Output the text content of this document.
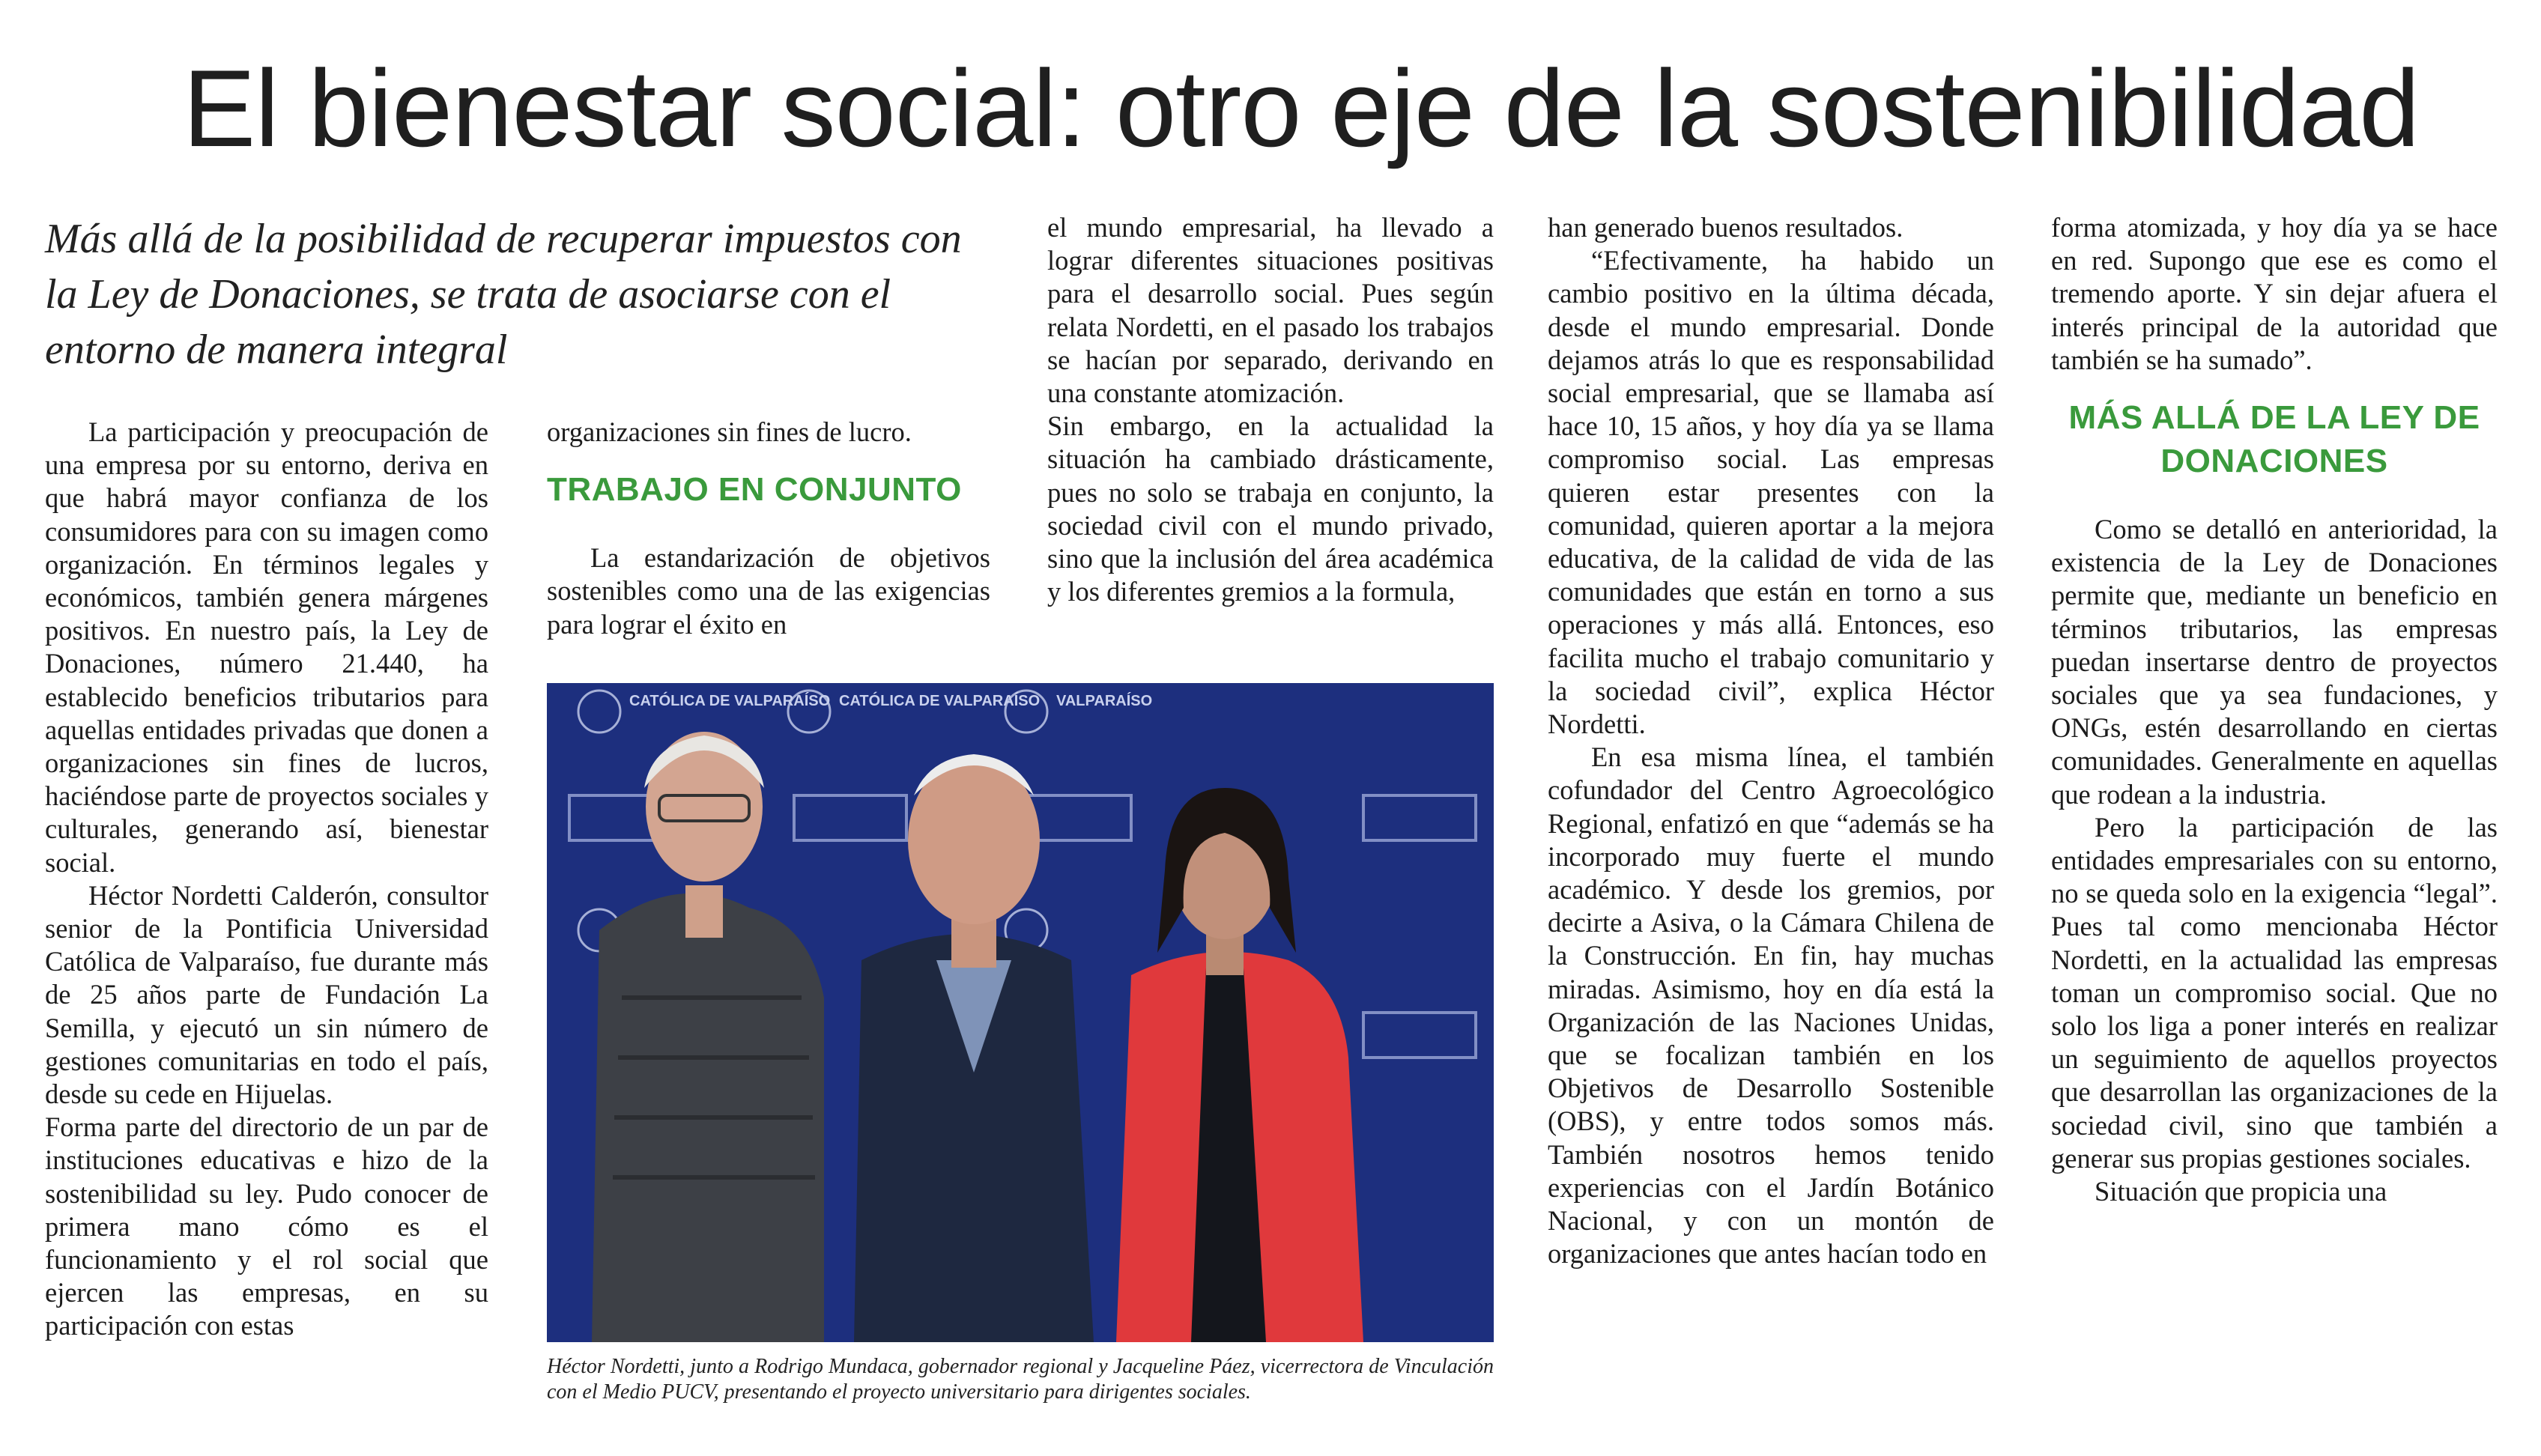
El bienestar social: otro eje de la sostenibilidad
Más allá de la posibilidad de recuperar impuestos con la Ley de Donaciones, se trata de asociarse con el entorno de manera integral

La participación y preocupación de una empresa por su entorno, deriva en que habrá mayor confianza de los consumidores para con su imagen como organización. En términos legales y económicos, también genera márgenes positivos. En nuestro país, la Ley de Donaciones, número 21.440, ha establecido beneficios tributarios para aquellas entidades privadas que donen a organizaciones sin fines de lucros, haciéndose parte de proyectos sociales y culturales, generando así, bienestar social.

Héctor Nordetti Calderón, consultor senior de la Pontificia Universidad Católica de Valparaíso, fue durante más de 25 años parte de Fundación La Semilla, y ejecutó un sin número de gestiones comunitarias en todo el país, desde su cede en Hijuelas.

Forma parte del directorio de un par de instituciones educativas e hizo de la sostenibilidad su ley. Pudo conocer de primera mano cómo es el funcionamiento y el rol social que ejercen las empresas, en su participación con estas

organizaciones sin fines de lucro.

TRABAJO EN CONJUNTO

La estandarización de objetivos sostenibles como una de las exigencias para lograr el éxito en

CATÓLICA DE VALPARAÍSO CATÓLICA DE VALPARAÍSO VALPARAÍSO
Héctor Nordetti, junto a Rodrigo Mundaca, gobernador regional y Jacqueline Páez, vicerrectora de Vinculación con el Medio PUCV, presentando el proyecto universitario para dirigentes sociales.

el mundo empresarial, ha llevado a lograr diferentes situaciones positivas para el desarrollo social. Pues según relata Nordetti, en el pasado los trabajos se hacían por separado, derivando en una constante atomización.

Sin embargo, en la actualidad la situación ha cambiado drásticamente, pues no solo se trabaja en conjunto, la sociedad civil con el mundo privado, sino que la inclusión del área académica y los diferentes gremios a la formula,

han generado buenos resultados.

“Efectivamente, ha habido un cambio positivo en la última década, desde el mundo empresarial. Donde dejamos atrás lo que es responsabilidad social empresarial, que se llamaba así hace 10, 15 años, y hoy día ya se llama compromiso social. Las empresas quieren estar presentes con la comunidad, quieren aportar a la mejora educativa, de la calidad de vida de las comunidades que están en torno a sus operaciones y más allá. Entonces, eso facilita mucho el trabajo comunitario y la sociedad civil”, explica Héctor Nordetti.

En esa misma línea, el también cofundador del Centro Agroecológico Regional, enfatizó en que “además se ha incorporado muy fuerte el mundo académico. Y desde los gremios, por decirte a Asiva, o la Cámara Chilena de la Construcción. En fin, hay muchas miradas. Asimismo, hoy en día está la Organización de las Naciones Unidas, que se focalizan también en los Objetivos de Desarrollo Sostenible (OBS), y entre todos somos más. También nosotros hemos tenido experiencias con el Jardín Botánico Nacional, y con un montón de organizaciones que antes hacían todo en

forma atomizada, y hoy día ya se hace en red. Supongo que ese es como el tremendo aporte. Y sin dejar afuera el interés principal de la autoridad que también se ha sumado”.

MÁS ALLÁ DE LA LEY DE DONACIONES

Como se detalló en anterioridad, la existencia de la Ley de Donaciones permite que, mediante un beneficio en términos tributarios, las empresas puedan insertarse dentro de proyectos sociales que ya sea fundaciones, y ONGs, estén desarrollando en ciertas comunidades. Generalmente en aquellas que rodean a la industria.

Pero la participación de las entidades empresariales con su entorno, no se queda solo en la exigencia “legal”. Pues tal como mencionaba Héctor Nordetti, en la actualidad las empresas toman un compromiso social. Que no solo los liga a poner interés en realizar un seguimiento de aquellos proyectos que desarrollan las organizaciones de la sociedad civil, sino que también a generar sus propias gestiones sociales.

Situación que propicia una
